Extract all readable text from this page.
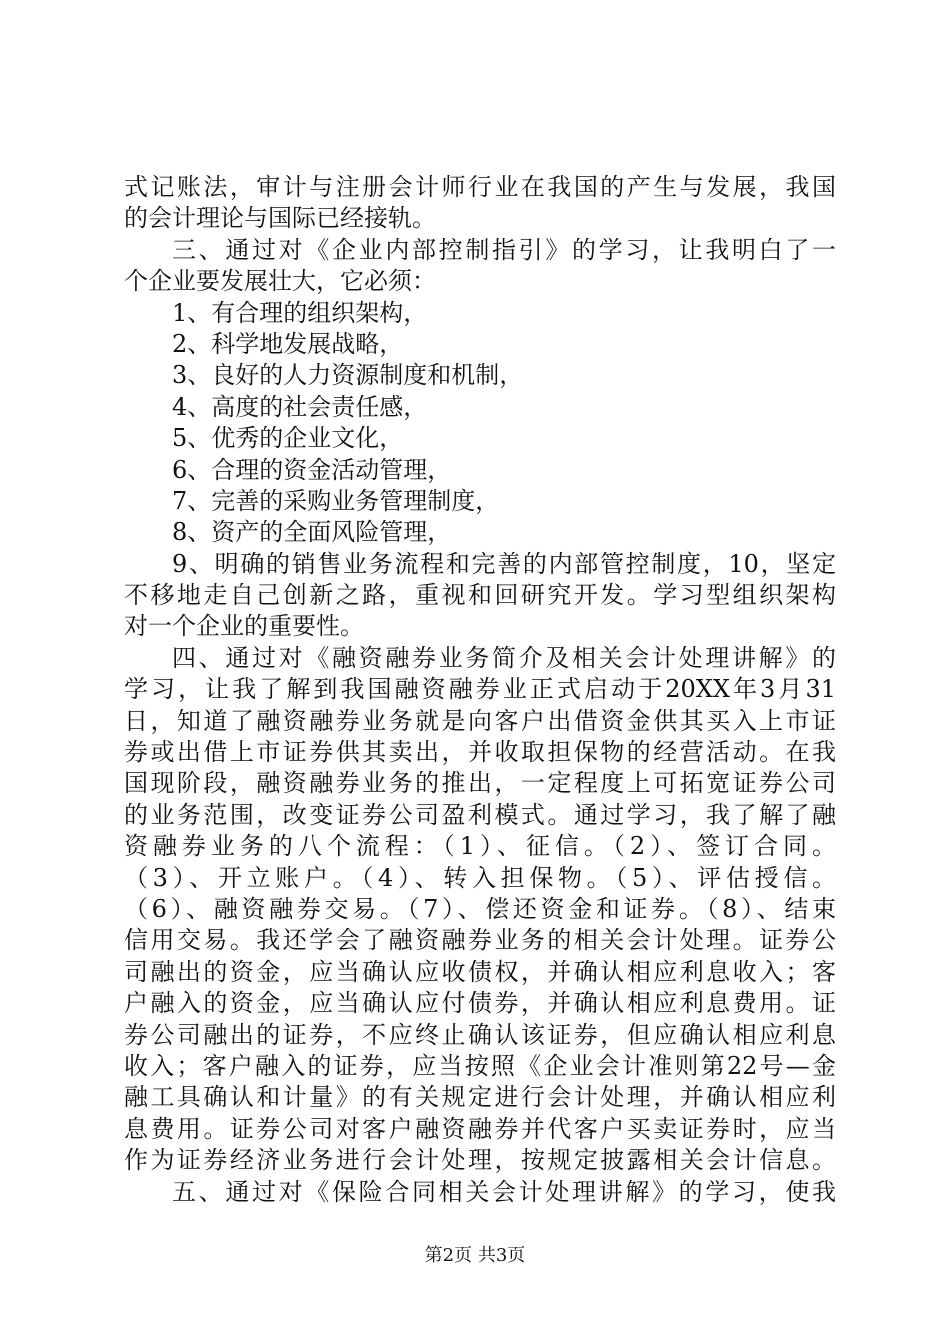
式记账法，审计与注册会计师行业在我国的产生与发展，我国
的会计理论与国际已经接轨。
三、通过对《企业内部控制指引》的学习，让我明白了一
个企业要发展壮大，它必须：
1、有合理的组织架构，
2、科学地发展战略，
3、良好的人力资源制度和机制，
4、高度的社会责任感，
5、优秀的企业文化，
6、合理的资金活动管理，
7、完善的采购业务管理制度，
8、资产的全面风险管理，
9、明确的销售业务流程和完善的内部管控制度，10，坚定
不移地走自己创新之路，重视和回研究开发。学习型组织架构
对一个企业的重要性。
四、通过对《融资融券业务简介及相关会计处理讲解》的
学习，让我了解到我国融资融券业正式启动于20XX年3月31
日，知道了融资融券业务就是向客户出借资金供其买入上市证
券或出借上市证券供其卖出，并收取担保物的经营活动。在我
国现阶段，融资融券业务的推出，一定程度上可拓宽证券公司
的业务范围，改变证券公司盈利模式。通过学习，我了解了融
资融券业务的八个流程：（1）、征信。（2）、签订合同。
（3）、开立账户。（4）、转入担保物。（5）、评估授信。
（6）、融资融券交易。（7）、偿还资金和证券。（8）、结束
信用交易。我还学会了融资融券业务的相关会计处理。证券公
司融出的资金，应当确认应收债权，并确认相应利息收入；客
户融入的资金，应当确认应付债券，并确认相应利息费用。证
券公司融出的证券，不应终止确认该证券，但应确认相应利息
收入；客户融入的证券，应当按照《企业会计准则第22号—金
融工具确认和计量》的有关规定进行会计处理，并确认相应利
息费用。证券公司对客户融资融券并代客户买卖证券时，应当
作为证券经济业务进行会计处理，按规定披露相关会计信息。
五、通过对《保险合同相关会计处理讲解》的学习，使我
第2页 共3页
